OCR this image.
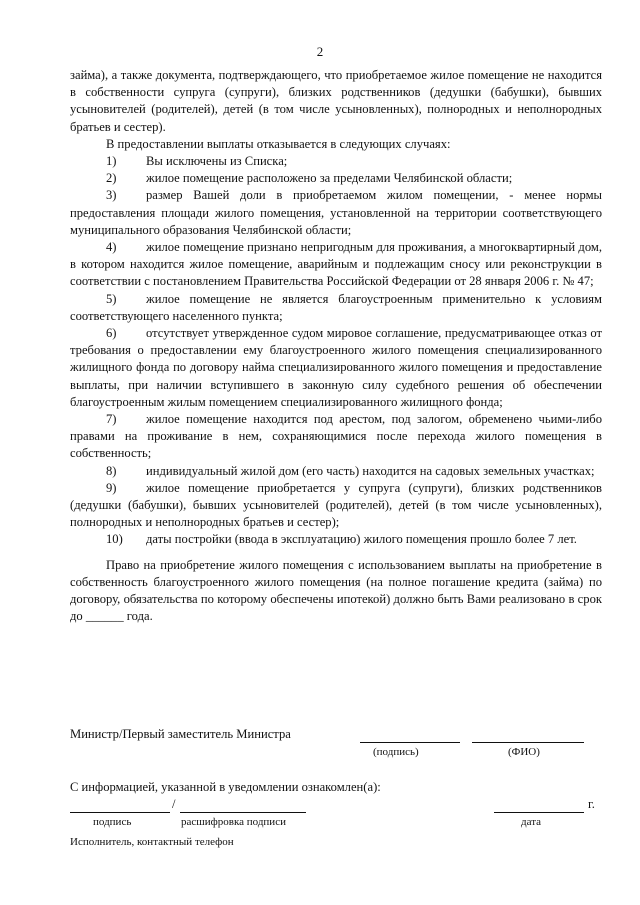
2

займа), а также документа, подтверждающего, что приобретаемое жилое помещение не находится в собственности супруга (супруги), близких родственников (дедушки (бабушки), бывших усыновителей (родителей), детей (в том числе усыновленных), полнородных и неполнородных братьев и сестер).

В предоставлении выплаты отказывается в следующих случаях:

1) Вы исключены из Списка;

2) жилое помещение расположено за пределами Челябинской области;

3) размер Вашей доли в приобретаемом жилом помещении, - менее нормы предоставления площади жилого помещения, установленной на территории соответствующего муниципального образования Челябинской области;

4) жилое помещение признано непригодным для проживания, а многоквартирный дом, в котором находится жилое помещение, аварийным и подлежащим сносу или реконструкции в соответствии с постановлением Правительства Российской Федерации от 28 января 2006 г. № 47;

5) жилое помещение не является благоустроенным применительно к условиям соответствующего населенного пункта;

6) отсутствует утвержденное судом мировое соглашение, предусматривающее отказ от требования о предоставлении ему благоустроенного жилого помещения специализированного жилищного фонда по договору найма специализированного жилого помещения и предоставление выплаты, при наличии вступившего в законную силу судебного решения об обеспечении благоустроенным жилым помещением специализированного жилищного фонда;

7) жилое помещение находится под арестом, под залогом, обременено чьими-либо правами на проживание в нем, сохраняющимися после перехода жилого помещения в собственность;

8) индивидуальный жилой дом (его часть) находится на садовых земельных участках;

9) жилое помещение приобретается у супруга (супруги), близких родственников (дедушки (бабушки), бывших усыновителей (родителей), детей (в том числе усыновленных), полнородных и неполнородных братьев и сестер);

10) даты постройки (ввода в эксплуатацию) жилого помещения прошло более 7 лет.

Право на приобретение жилого помещения с использованием выплаты на приобретение в собственность благоустроенного жилого помещения (на полное погашение кредита (займа) по договору, обязательства по которому обеспечены ипотекой) должно быть Вами реализовано в срок до ______ года.

Министр/Первый заместитель Министра
(подпись)	(ФИО)
С информацией, указанной в уведомлении ознакомлен(а):
/	г.
подпись	расшифровка подписи	дата
Исполнитель, контактный телефон
